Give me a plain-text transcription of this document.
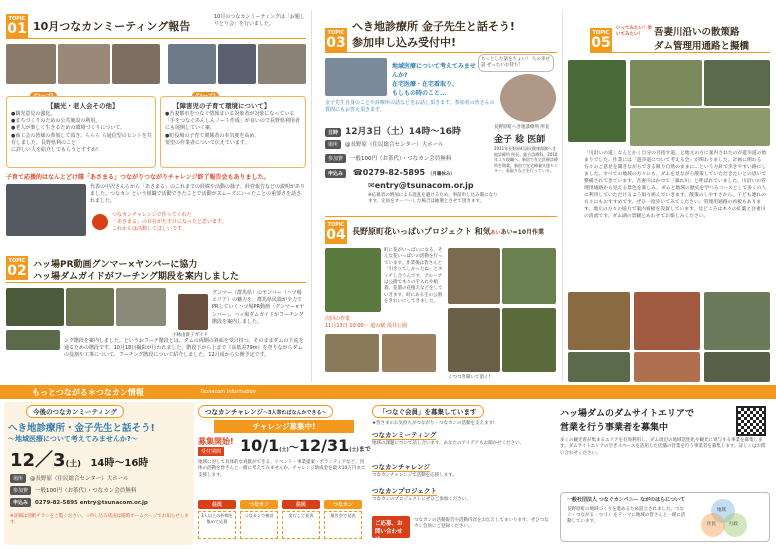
TOPIC
01 10月つなカンミーティング報告
10月のつなカンミーティングは「お題しりとり会」を行いました。
【観光・老人会その他】
●観光意見の強化。
●まちづくりのための公共施設の利用。
●老人が楽しく生きるための環境づくりについて。
●商工会の皆様の参加して頂き、ららら ら通信型のヒントを共有しました。長野県利のこと
に詳しい人を紹介してもらうとすすめ!
【障害児の子育て環境について】
●吾妻郡市をつなぐ情報まいる対象者が対象になっている「手をつなぐあんしんノート作成」が良いので長野県利用者にも展開していく案。
●町役場の子育て関係者の本気度を高め、
要望の作業者について伝えています。
子育て応援的はなんとどけ隊「あさまる」つながりつながりチャレンジ終了報告会もありました。
代表の中沢さんらから「あさまる」のこれまでの経緯や活動の様子、経営報告などの説明がありました。つなカン という組織で活動できたことで活動がスムーズにいったことの重要さを話されました。
つなカンチャレンジで作ってくれた
「あさまる」の存在がたすけになったと思います。
これからは活動してほしいです。
TOPIC
02 ハッ場PR動画グンマー×ヤンバーに協力
ハッ場ダムガイドがフーチング期段を案内しました
小林由貴子ガイド
グンマー（群馬県）のヤンバー（ハツ場エリア）の魅力を、群馬県民篇が全力でPRしていくハツ場PR動画「グンマー×ヤンバー」。ハッ場ダムガイドがフーチング階段を案内しました。
ング階段を案内しました。というおフーチ階段とは、ダムの両側の斜面を受け持つ、そのままダムの下流を通るための階段です。10月18日撮影が行われました。階段下から上まで（高低差79m）を登りながらダムの役割や工事について、フーチング階段について紹介しました。12月頃から公開予定です。
TOPIC
03
へき地診療所 金子先生と話そう!
参加申し込み受付中!
地域医療について考えてみませんか?
在宅医療・在宅看取り、
もしもの時のこと...
ちっとした話をちょい！ 人の幸せ話 ぜったいお待ち！
金子先生自身のことや診療所の話などをお話し頂きます。参加者の皆さんの質問にもお答え頂きます。
日時 12月3日（土）14時〜16時
場所 @長野原（住民総合センター）大ホール
参加費 一般100円（お茶代）・つなカン会員無料
申込み ☎0279-82-5895 （月曜休み）
✉entry@tsunacom.or.jp
※応募者の増加による混乱を避けるため、事前申し込み制になります。定員をオーバーした場合は抽選とさせて頂きます。
長野原町へき地診療所 所長
金子 稔 医師
2011年長野原町国民健康保険へき地診療所 所長。総合診療科、2010年より現職へ。新宿で在宅医療診療所を開業。新宿で在宅療養支援センター、看取りなどを行っている。
TOPIC
04 長野原町花いっぱいプロジェクト 和気あいあい=10月作業
町に花がいっぱいになる、そんな花いっぱいの活動を行っています。作業後は皆さんと「引き立てしかったね」とタッチし合うんです。グループは公園で木々の手入れや植栽、花壇の花植えなどをしていきます。町にある生の公園をきれいにしてきました。
次回の作業
11月13日 10:00〜 道の駅 浅井公園
くつつき聞いて頂く!
TOPIC
05
いってみたい！歩いてみたい！	吾妻川沿いの散策路
ダム管理用通路と擬橋
「川沿いの道」なんとかく自分の目指す道。と地元の方に案内されたのが遊歩道の始まりでした。作業には「遊歩道について考える会」が関わりました。計画に関わる方々のご意見を聞きながらできる限り自然のままに…という方針で歩きやすい路にしました。すべての地域の方々にも、ダムを見ながら散策していただきたいとの思いで整備されてきています。吾妻川はかつて「暴れ川」と呼ばれていました。川沿いの管理用通路から見える景色を楽しみ、ダムと地域の歴史を学べるコースとして多くの人に利用していただけるよう取り組んでいきます。散策のしやすさから、子ども連れの方々にもおすすめです。ぜひ一度歩いてみてください。管理用通路の看板もあります。地元の方々の協力で案内看板を設置しています。見どころは木々の紅葉と吾妻川の清流です。ダム湖の景観とあわせてお楽しみください。
もっとつながる＊つなカン情報	Tsunacom Information
今後のつなカンミーティング
へき地診療所・金子先生と話そう!
〜地域医療について考えてみませんか?〜
12／3(土) 14時〜16時
場所 @長野原（住民総合センター）大ホール
参加費 一般100円（お茶代）・つなカン会員無料
申込み 0279-82-5895 entry@tsunacom.or.jp
※詳細は別紙チラシをご覧ください。☆申し込み状況は随時ホームページでお知らせします。
つなカンチャレンジ〜3人寄ればなんかできる〜
チャレンジ募集中!
募集開始!
受付期間 10/1(土)〜12/31(土)まで
地域に対して具体的な貢献ができる、イベント・事業提案・ボランティアなど、団体の活動を皆さんと一緒に考えてみませんか。チャレンジ助成金を最大10万円まで支援します。
住民
3人以上の仲間を集めて応募
つなカン
つなカンで検討
住民
実行して発表
つなカン
報告会で発表
「つなぐ会員」を募集しています
★皆さまのお気持ちがつながり・つなカンの活動を支えます!
つなカンミーティング
地域の課題について話し合います。あなたのアイデアもお聞かせください。
つなカンチャレンジ
つなカンチャレンジで活動を応援します。
つなカンプロジェクト
つなカンのプロジェクトにぜひご参加ください。
ご応募、お問い合わせは
つなカンの活動報告や活動内容をお伝えしてまいります。ぜひつなカン会員にご登録ください。
ハッ場ダムのダムサイトエリアで
営業を行う事業者を募集中
多くの観光客が集まるエリアを有効利用し、ダム周辺の地域活性化や観光に寄与する事業を募集します。ダムサイトエリアの空きスペースを活用した店舗の営業を行う事業者を募集します。詳しくはお問い合わせください。
一般社団法人 つなぐカンパニー ながのはらについて
長野原町の地域づくりを進めるため設立されました。つなぐ・つながる・つづく をテーマに地域の皆さんと一緒に活動しています。
地域
住民	行政
